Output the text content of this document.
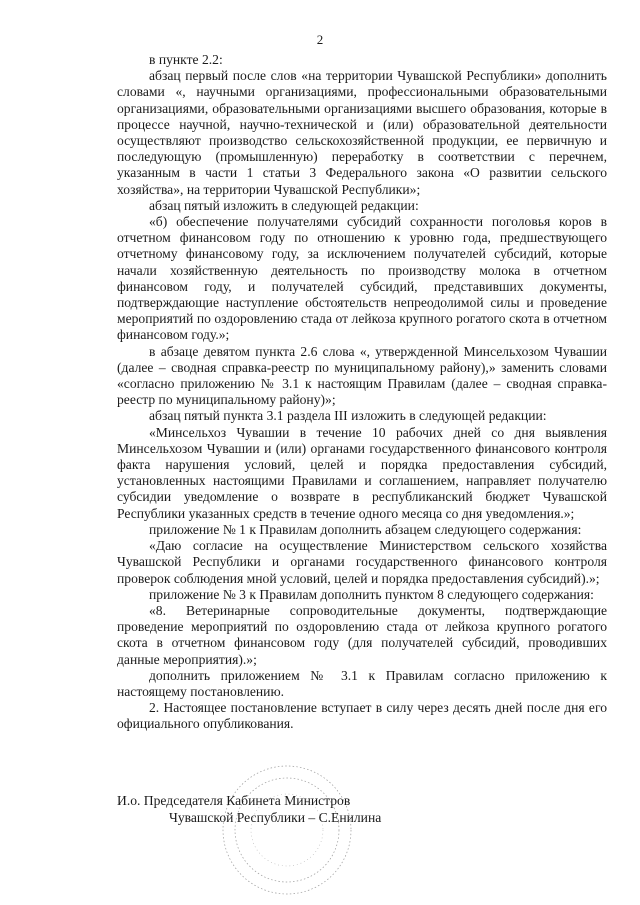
2

в пункте 2.2:

абзац первый после слов «на территории Чувашской Республики» дополнить словами «, научными организациями, профессиональными образовательными организациями, образовательными организациями высшего образования, которые в процессе научной, научно-технической и (или) образовательной деятельности осуществляют производство сельскохозяйственной продукции, ее первичную и последующую (промышленную) переработку в соответствии с перечнем, указанным в части 1 статьи 3 Федерального закона «О развитии сельского хозяйства», на территории Чувашской Республики»;

абзац пятый изложить в следующей редакции:

«б) обеспечение получателями субсидий сохранности поголовья коров в отчетном финансовом году по отношению к уровню года, предшествующего отчетному финансовому году, за исключением получателей субсидий, которые начали хозяйственную деятельность по производству молока в отчетном финансовом году, и получателей субсидий, представивших документы, подтверждающие наступление обстоятельств непреодолимой силы и проведение мероприятий по оздоровлению стада от лейкоза крупного рогатого скота в отчетном финансовом году.»;

в абзаце девятом пункта 2.6 слова «, утвержденной Минсельхозом Чувашии (далее – сводная справка-реестр по муниципальному району),» заменить словами «согласно приложению № 3.1 к настоящим Правилам (далее – сводная справка-реестр по муниципальному району)»;

абзац пятый пункта 3.1 раздела III изложить в следующей редакции:

«Минсельхоз Чувашии в течение 10 рабочих дней со дня выявления Минсельхозом Чувашии и (или) органами государственного финансового контроля факта нарушения условий, целей и порядка предоставления субсидий, установленных настоящими Правилами и соглашением, направляет получателю субсидии уведомление о возврате в республиканский бюджет Чувашской Республики указанных средств в течение одного месяца со дня уведомления.»;

приложение № 1 к Правилам дополнить абзацем следующего содержания:

«Даю согласие на осуществление Министерством сельского хозяйства Чувашской Республики и органами государственного финансового контроля проверок соблюдения мной условий, целей и порядка предоставления субсидий).»;

приложение № 3 к Правилам дополнить пунктом 8 следующего содержания:

«8. Ветеринарные сопроводительные документы, подтверждающие проведение мероприятий по оздоровлению стада от лейкоза крупного рогатого скота в отчетном финансовом году (для получателей субсидий, проводивших данные мероприятия).»;

дополнить приложением № 3.1 к Правилам согласно приложению к настоящему постановлению.

2. Настоящее постановление вступает в силу через десять дней после дня его официального опубликования.

И.о. Председателя Кабинета Министров
Чувашской Республики – С.Енилина
